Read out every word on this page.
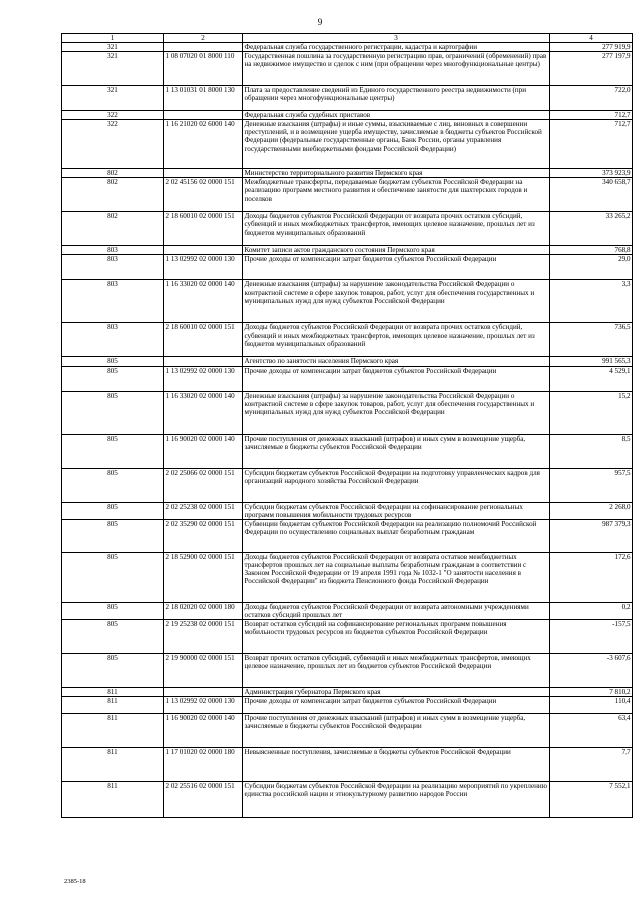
9
1	2	3	4
321		Федеральная служба государственного регистрации, кадастра и картографии	277 919,9
321	1 08 07020 01 8000 110	Государственная пошлина за государственную регистрацию прав, ограничений (обременений) прав на недвижимое имущество и сделок с ним (при обращении через многофункциональные центры)	277 197,9
321	1 13 01031 01 8000 130	Плата за предоставление сведений из Единого государственного реестра недвижимости (при обращении через многофункциональные центры)	722,0
322		Федеральная служба судебных приставов	712,7
322	1 16 21020 02 6000 140	Денежные взыскания (штрафы) и иные суммы, взыскиваемые с лиц, виновных в совершении преступлений, и в возмещение ущерба имуществу, зачисляемые в бюджеты субъектов Российской Федерации (федеральные государственные органы, Банк России, органы управления государственными внебюджетными фондами Российской Федерации)	712,7
802		Министерство территориального развития Пермского края	373 923,9
802	2 02 45156 02 0000 151	Межбюджетные трансферты, передаваемые бюджетам субъектов Российской Федерации на реализацию программ местного развития и обеспечение занятости для шахтерских городов и поселков	340 658,7
802	2 18 60010 02 0000 151	Доходы бюджетов субъектов Российской Федерации от возврата прочих остатков субсидий, субвенций и иных межбюджетных трансфертов, имеющих целевое назначение, прошлых лет из бюджетов муниципальных образований	33 265,2
803		Комитет записи актов гражданского состояния Пермского края	768,8
803	1 13 02992 02 0000 130	Прочие доходы от компенсации затрат бюджетов субъектов Российской Федерации	29,0
803	1 16 33020 02 0000 140	Денежные взыскания (штрафы) за нарушение законодательства Российской Федерации о контрактной системе в сфере закупок товаров, работ, услуг для обеспечения государственных и муниципальных нужд для нужд субъектов Российской Федерации	3,3
803	2 18 60010 02 0000 151	Доходы бюджетов субъектов Российской Федерации от возврата прочих остатков субсидий, субвенций и иных межбюджетных трансфертов, имеющих целевое назначение, прошлых лет из бюджетов муниципальных образований	736,5
805		Агентство по занятости населения Пермского края	991 565,3
805	1 13 02992 02 0000 130	Прочие доходы от компенсации затрат бюджетов субъектов Российской Федерации	4 529,1
805	1 16 33020 02 0000 140	Денежные взыскания (штрафы) за нарушение законодательства Российской Федерации о контрактной системе в сфере закупок товаров, работ, услуг для обеспечения государственных и муниципальных нужд для нужд субъектов Российской Федерации	15,2
805	1 16 90020 02 0000 140	Прочие поступления от денежных взысканий (штрафов) и иных сумм в возмещение ущерба, зачисляемые в бюджеты субъектов Российской Федерации	8,5
805	2 02 25066 02 0000 151	Субсидии бюджетам субъектов Российской Федерации на подготовку управленческих кадров для организаций народного хозяйства Российской Федерации	957,5
805	2 02 25238 02 0000 151	Субсидии бюджетам субъектов Российской Федерации на софинансирование региональных программ повышения мобильности трудовых ресурсов	2 268,0
805	2 02 35290 02 0000 151	Субвенции бюджетам субъектов Российской Федерации на реализацию полномочий Российской Федерации по осуществлению социальных выплат безработным гражданам	987 379,3
805	2 18 52900 02 0000 151	Доходы бюджетов субъектов Российской Федерации от возврата остатков межбюджетных трансфертов прошлых лет на социальные выплаты безработным гражданам в соответствии с Законом Российской Федерации от 19 апреля 1991 года № 1032-1 "О занятости населения в Российской Федерации" из бюджета Пенсионного фонда Российской Федерации	172,6
805	2 18 02020 02 0000 180	Доходы бюджетов субъектов Российской Федерации от возврата автономными учреждениями остатков субсидий прошлых лет	0,2
805	2 19 25238 02 0000 151	Возврат остатков субсидий на софинансирование региональных программ повышения мобильности трудовых ресурсов из бюджетов субъектов Российской Федерации	-157,5
805	2 19 90000 02 0000 151	Возврат прочих остатков субсидий, субвенций и иных межбюджетных трансфертов, имеющих целевое назначение, прошлых лет из бюджетов субъектов Российской Федерации	-3 607,6
811		Администрация губернатора Пермского края	7 810,2
811	1 13 02992 02 0000 130	Прочие доходы от компенсации затрат бюджетов субъектов Российской Федерации	110,4
811	1 16 90020 02 0000 140	Прочие поступления от денежных взысканий (штрафов) и иных сумм в возмещение ущерба, зачисляемые в бюджеты субъектов Российской Федерации	63,4
811	1 17 01020 02 0000 180	Невыясненные поступления, зачисляемые в бюджеты субъектов Российской Федерации	7,7
811	2 02 25516 02 0000 151	Субсидии бюджетам субъектов Российской Федерации на реализацию мероприятий по укреплению единства российской нации и этнокультурному развитию народов России	7 552,1
2385-18
